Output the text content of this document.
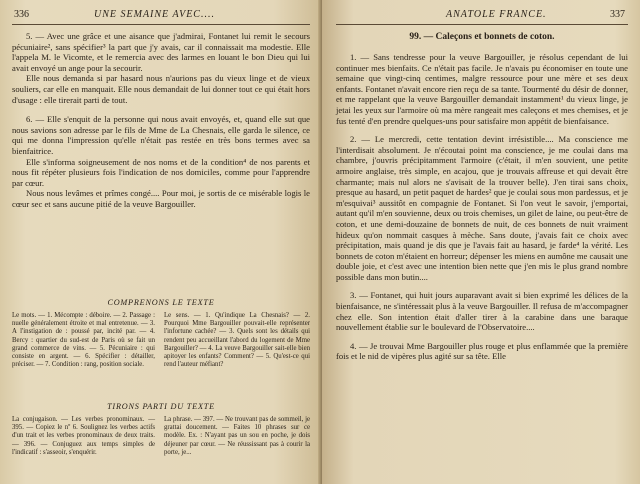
336	UNE SEMAINE AVEC....

5. — Avec une grâce et une aisance que j'admirai, Fontanet lui remit le secours pécuniaire², sans spécifier³ la part que j'y avais, car il connaissait ma modestie. Elle l'appela M. le Vicomte, et le remercia avec des larmes en louant le bon Dieu qui lui avait envoyé un ange pour la secourir.

Elle nous demanda si par hasard nous n'aurions pas du vieux linge et de vieux souliers, car elle en manquait. Elle nous demandait de lui donner tout ce qui était hors d'usage : elle tirerait parti de tout.

6. — Elle s'enquit de la personne qui nous avait envoyés, et, quand elle sut que nous savions son adresse par le fils de Mme de La Chesnais, elle garda le silence, ce qui me donna l'impression qu'elle n'était pas restée en très bons termes avec sa bienfaitrice.

Elle s'informa soigneusement de nos noms et de la condition⁴ de nos parents et nous fit répéter plusieurs fois l'indication de nos domiciles, comme pour l'apprendre par cœur.

Nous nous levâmes et prîmes congé.... Pour moi, je sortis de ce misérable logis le cœur sec et sans aucune pitié de la veuve Bargouiller.

COMPRENONS LE TEXTE
Le mots. — 1. Mécompte : déboire. — 2. Passage : nuelle généralement étroite et mal entretenue. — 3. A l'instigation de : poussé par, incité par. — 4. Bercy : quartier du sud-est de Paris où se fait un grand commerce de vins. — 5. Pécuniaire : qui consiste en argent. — 6. Spécifier : détailler, préciser. — 7. Condition : rang, position sociale.
Le sens. — 1. Qu'indique La Chesnais? — 2. Pourquoi Mme Bargouiller pouvait-elle représenter l'infortune cachée? — 3. Quels sont les détails qui rendent peu accueillant l'abord du logement de Mme Bargouiller? — 4. La veuve Bargouiller sait-elle bien apitoyer les enfants? Comment? — 5. Qu'est-ce qui rend l'auteur méfiant?
TIRONS PARTI DU TEXTE
La conjugaison. — Les verbes pronominaux. — 395. — Copiez le nº 6. Soulignez les verbes actifs d'un trait et les verbes pronominaux de deux traits. — 396. — Conjuguez aux temps simples de l'indicatif : s'asseoir, s'enquérir.
La phrase. — 397. — Ne trouvant pas de sommeil, je grattai doucement. — Faites 10 phrases sur ce modèle. Ex. : N'ayant pas un sou en poche, je dois déjeuner par cœur. — Ne réussissant pas à courir la porte, je...
ANATOLE FRANCE.	337
99. — Caleçons et bonnets de coton.

1. — Sans tendresse pour la veuve Bargouiller, je résolus cependant de lui continuer mes bienfaits. Ce n'était pas facile. Je n'avais pu économiser en toute une semaine que vingt-cinq centimes, malgre ressource pour une mère et ses deux enfants. Fontanet n'avait encore rien reçu de sa tante. Tourmenté du désir de donner, et me rappelant que la veuve Bargouiller demandait instamment¹ du vieux linge, je jetai les yeux sur l'armoire où ma mère rangeait mes caleçons et mes chemises, et je fus tenté d'en prendre quelques-uns pour satisfaire mon appétit de bienfaisance.

2. — Le mercredi, cette tentation devint irrésistible.... Ma conscience me l'interdisait absolument. Je n'écoutai point ma conscience, je me coulai dans ma chambre, j'ouvris précipitamment l'armoire (c'était, il m'en souvient, une petite armoire anglaise, très simple, en acajou, que je trouvais affreuse et qui devait être charmante; mais nul alors ne s'avisait de la trouver belle). J'en tirai sans choix, presque au hasard, un petit paquet de hardes² que je coulai sous mon pardessus, et je m'esquivai³ aussitôt en compagnie de Fontanet. Si l'on veut le savoir, j'emportai, autant qu'il m'en souvienne, deux ou trois chemises, un gilet de laine, ou peut-être de coton, et une demi-douzaine de bonnets de nuit, de ces bonnets de nuit vraiment hideux qu'on nommait casques à mèche. Sans doute, j'avais fait ce choix avec précipitation, mais quand je dis que je l'avais fait au hasard, je farde⁴ la vérité. Les bonnets de coton m'étaient en horreur; dépenser les miens en aumône me causait une double joie, et c'est avec une intention bien nette que j'en mis le plus grand nombre possible dans mon butin....

3. — Fontanet, qui huit jours auparavant avait si bien exprimé les délices de la bienfaisance, ne s'intéressait plus à la veuve Bargouiller. Il refusa de m'accompagner chez elle. Son intention était d'aller tirer à la carabine dans une baraque nouvellement établie sur le boulevard de l'Observatoire....

4. — Je trouvai Mme Bargouiller plus rouge et plus enflammée que la première fois et le nid de vipères plus agité sur sa tête. Elle
